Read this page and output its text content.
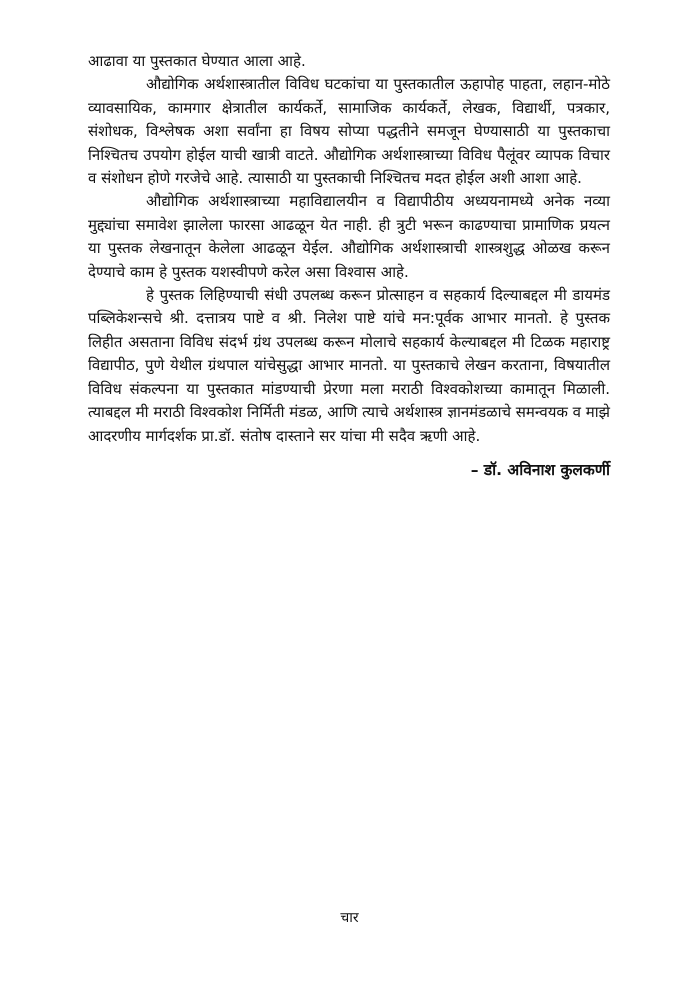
आढावा या पुस्तकात घेण्यात आला आहे.

औद्योगिक अर्थशास्त्रातील विविध घटकांचा या पुस्तकातील ऊहापोह पाहता, लहान-मोठे व्यावसायिक, कामगार क्षेत्रातील कार्यकर्ते, सामाजिक कार्यकर्ते, लेखक, विद्यार्थी, पत्रकार, संशोधक, विश्लेषक अशा सर्वांना हा विषय सोप्या पद्धतीने समजून घेण्यासाठी या पुस्तकाचा निश्चितच उपयोग होईल याची खात्री वाटते. औद्योगिक अर्थशास्त्राच्या विविध पैलूंवर व्यापक विचार व संशोधन होणे गरजेचे आहे. त्यासाठी या पुस्तकाची निश्चितच मदत होईल अशी आशा आहे.

औद्योगिक अर्थशास्त्राच्या महाविद्यालयीन व विद्यापीठीय अध्ययनामध्ये अनेक नव्या मुद्द्यांचा समावेश झालेला फारसा आढळून येत नाही. ही त्रुटी भरून काढण्याचा प्रामाणिक प्रयत्न या पुस्तक लेखनातून केलेला आढळून येईल. औद्योगिक अर्थशास्त्राची शास्त्रशुद्ध ओळख करून देण्याचे काम हे पुस्तक यशस्वीपणे करेल असा विश्वास आहे.

हे पुस्तक लिहिण्याची संधी उपलब्ध करून प्रोत्साहन व सहकार्य दिल्याबद्दल मी डायमंड पब्लिकेशन्सचे श्री. दत्तात्रय पाष्टे व श्री. निलेश पाष्टे यांचे मन:पूर्वक आभार मानतो. हे पुस्तक लिहीत असताना विविध संदर्भ ग्रंथ उपलब्ध करून मोलाचे सहकार्य केल्याबद्दल मी टिळक महाराष्ट्र विद्यापीठ, पुणे येथील ग्रंथपाल यांचेसुद्धा आभार मानतो. या पुस्तकाचे लेखन करताना, विषयातील विविध संकल्पना या पुस्तकात मांडण्याची प्रेरणा मला मराठी विश्वकोशच्या कामातून मिळाली. त्याबद्दल मी मराठी विश्वकोश निर्मिती मंडळ, आणि त्याचे अर्थशास्त्र ज्ञानमंडळाचे समन्वयक व माझे आदरणीय मार्गदर्शक प्रा.डॉ. संतोष दास्ताने सर यांचा मी सदैव ऋणी आहे.

– डॉ. अविनाश कुलकर्णी

चार
